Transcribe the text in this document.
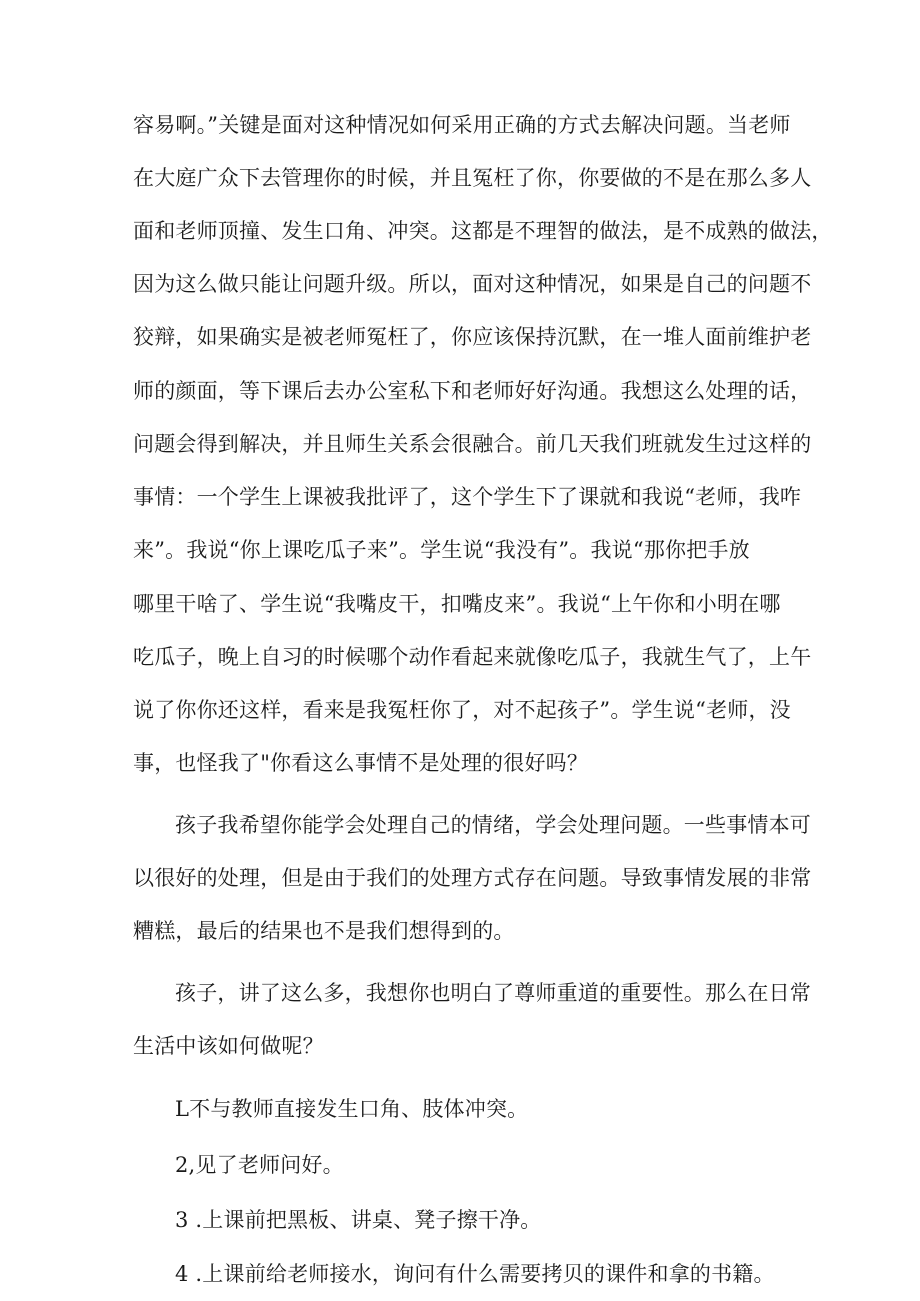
容易啊。”关键是面对这种情况如何采用正确的方式去解决问题。当老师
在大庭广众下去管理你的时候，并且冤枉了你，你要做的不是在那么多人
面和老师顶撞、发生口角、冲突。这都是不理智的做法，是不成熟的做法，
因为这么做只能让问题升级。所以，面对这种情况，如果是自己的问题不
狡辩，如果确实是被老师冤枉了，你应该保持沉默，在一堆人面前维护老
师的颜面，等下课后去办公室私下和老师好好沟通。我想这么处理的话，
问题会得到解决，并且师生关系会很融合。前几天我们班就发生过这样的
事情：一个学生上课被我批评了，这个学生下了课就和我说“老师，我咋
来”。我说“你上课吃瓜子来”。学生说“我没有”。我说“那你把手放
哪里干啥了、学生说“我嘴皮干，扣嘴皮来”。我说“上午你和小明在哪
吃瓜子，晚上自习的时候哪个动作看起来就像吃瓜子，我就生气了，上午
说了你你还这样，看来是我冤枉你了，对不起孩子”。学生说“老师，没
事，也怪我了"你看这么事情不是处理的很好吗？
孩子我希望你能学会处理自己的情绪，学会处理问题。一些事情本可
以很好的处理，但是由于我们的处理方式存在问题。导致事情发展的非常
糟糕，最后的结果也不是我们想得到的。
孩子，讲了这么多，我想你也明白了尊师重道的重要性。那么在日常
生活中该如何做呢？
L不与教师直接发生口角、肢体冲突。
2,见了老师问好。
3 .上课前把黑板、讲桌、凳子擦干净。
4 .上课前给老师接水，询问有什么需要拷贝的课件和拿的书籍。
